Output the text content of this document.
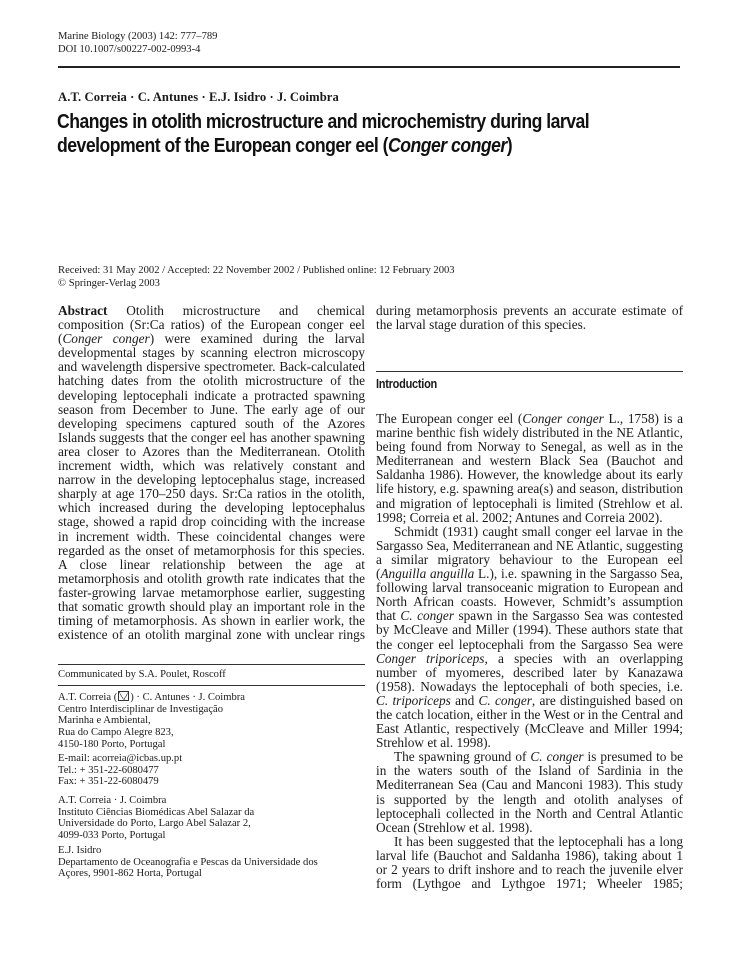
Marine Biology (2003) 142: 777–789
DOI 10.1007/s00227-002-0993-4
A.T. Correia · C. Antunes · E.J. Isidro · J. Coimbra
Changes in otolith microstructure and microchemistry during larval
development of the European conger eel (Conger conger)
Received: 31 May 2002 / Accepted: 22 November 2002 / Published online: 12 February 2003
© Springer-Verlag 2003

Abstract Otolith microstructure and chemical composition (Sr:Ca ratios) of the European conger eel (Conger conger) were examined during the larval developmental stages by scanning electron microscopy and wavelength dispersive spectrometer. Back-calculated hatching dates from the otolith microstructure of the developing leptocephali indicate a protracted spawning season from December to June. The early age of our developing specimens captured south of the Azores Islands suggests that the conger eel has another spawning area closer to Azores than the Mediterranean. Otolith increment width, which was relatively constant and narrow in the developing leptocephalus stage, increased sharply at age 170–250 days. Sr:Ca ratios in the otolith, which increased during the developing leptocephalus stage, showed a rapid drop coinciding with the increase in increment width. These coincidental changes were regarded as the onset of metamorphosis for this species. A close linear relationship between the age at metamorphosis and otolith growth rate indicates that the faster-growing larvae metamorphose earlier, suggesting that somatic growth should play an important role in the timing of metamorphosis. As shown in earlier work, the existence of an otolith marginal zone with unclear rings

Communicated by S.A. Poulet, Roscoff
A.T. Correia ( ) · C. Antunes · J. Coimbra
Centro Interdisciplinar de Investigação
Marinha e Ambiental,
Rua do Campo Alegre 823,
4150-180 Porto, Portugal
E-mail: acorreia@icbas.up.pt
Tel.: + 351-22-6080477
Fax: + 351-22-6080479
A.T. Correia · J. Coimbra
Instituto Ciências Biomédicas Abel Salazar da
Universidade do Porto, Largo Abel Salazar 2,
4099-033 Porto, Portugal
E.J. Isidro
Departamento de Oceanografia e Pescas da Universidade dos
Açores, 9901-862 Horta, Portugal
Introduction

The European conger eel (Conger conger L., 1758) is a marine benthic fish widely distributed in the NE Atlantic, being found from Norway to Senegal, as well as in the Mediterranean and western Black Sea (Bauchot and Saldanha 1986). However, the knowledge about its early life history, e.g. spawning area(s) and season, distribution and migration of leptocephali is limited (Strehlow et al. 1998; Correia et al. 2002; Antunes and Correia 2002).

Schmidt (1931) caught small conger eel larvae in the Sargasso Sea, Mediterranean and NE Atlantic, suggesting a similar migratory behaviour to the European eel (Anguilla anguilla L.), i.e. spawning in the Sargasso Sea, following larval transoceanic migration to European and North African coasts. However, Schmidt’s assumption that C. conger spawn in the Sargasso Sea was contested by McCleave and Miller (1994). These authors state that the conger eel leptocephali from the Sargasso Sea were Conger triporiceps, a species with an overlapping number of myomeres, described later by Kanazawa (1958). Nowadays the leptocephali of both species, i.e. C. triporiceps and C. conger, are distinguished based on the catch location, either in the West or in the Central and East Atlantic, respectively (McCleave and Miller 1994; Strehlow et al. 1998).

The spawning ground of C. conger is presumed to be in the waters south of the Island of Sardinia in the Mediterranean Sea (Cau and Manconi 1983). This study is supported by the length and otolith analyses of leptocephali collected in the North and Central Atlantic Ocean (Strehlow et al. 1998).

It has been suggested that the leptocephali has a long larval life (Bauchot and Saldanha 1986), taking about 1 or 2 years to drift inshore and to reach the juvenile elver form (Lythgoe and Lythgoe 1971; Wheeler 1985;

during metamorphosis prevents an accurate estimate of the larval stage duration of this species.
